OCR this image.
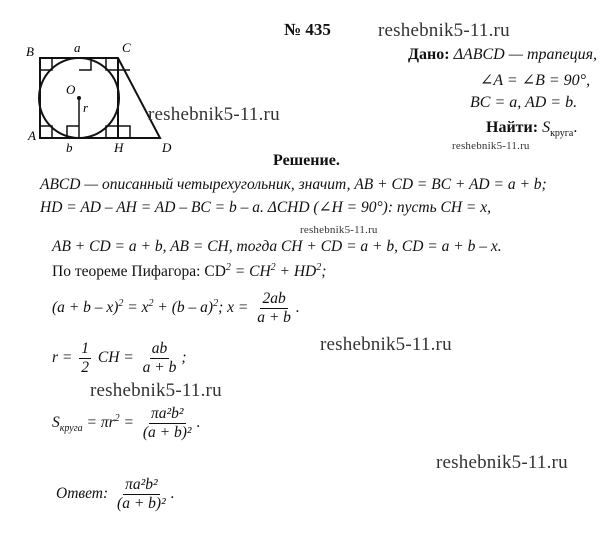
B	a	C
O
r
A
b	H	D
№ 435 reshebnik5-11.ru
Дано: ΔABCD — трапеция,
∠A = ∠B = 90°,
BC = a, AD = b.
Найти: $S_{круга}$.
reshebnik5-11.ru
reshebnik5-11.ru
Решение.
ABCD — описанный четырехугольник, значит, AB + CD = BC + AD = a + b;
HD = AD – AH = AD – BC = b – a. ΔCHD (∠H = 90°): пусть CH = x,
reshebnik5-11.ru
AB + CD = a + b, AB = CH, тогда CH + CD = a + b, CD = a + b – x.
По теореме Пифагора: $CD^2 = CH^2 + HD^2$;
$(a + b - x)^2 = x^2 + (b - a)^2$; $x = \frac{2ab}{a + b}$ .
reshebnik5-11.ru
$r = \frac{1}{2}$ CH = $\frac{ab}{a + b}$ ;
reshebnik5-11.ru
$S_{круга} = \pi r^2 = \frac{\text{πa²b²}}{\text{(a + b)²}}$ .
reshebnik5-11.ru
Ответ: $\frac{\text{πa²b²}}{\text{(a + b)²}}$ .
